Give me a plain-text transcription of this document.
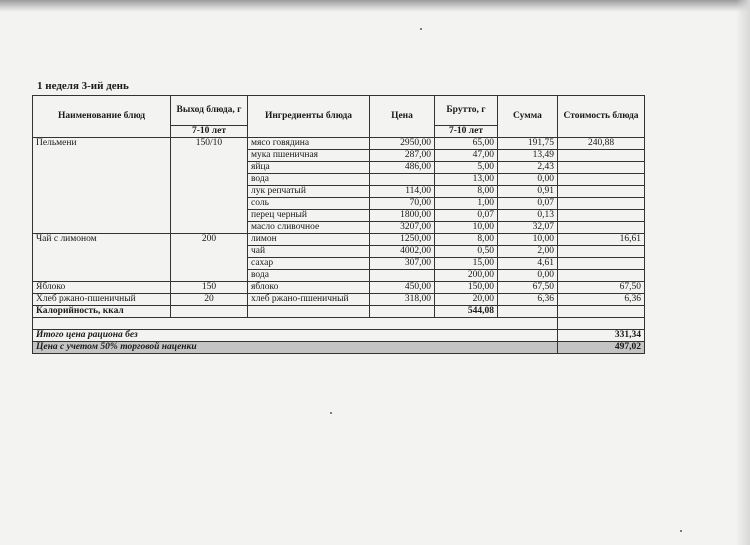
1 неделя 3-ий день
Наименование блюд	Выход блюда, г	Ингредиенты блюда	Цена	Брутто, г	Сумма	Стоимость блюда
	7-10 лет			7-10 лет		
Пельмени	150/10	мясо говядина	2950,00	65,00	191,75	240,88
		мука пшеничная	287,00	47,00	13,49	
		яйца	486,00	5,00	2,43	
		вода		13,00	0,00	
		лук репчатый	114,00	8,00	0,91	
		соль	70,00	1,00	0,07	
		перец черный	1800,00	0,07	0,13	
		масло сливочное	3207,00	10,00	32,07	
Чай с лимоном	200	лимон	1250,00	8,00	10,00	16,61
		чай	4002,00	0,50	2,00	
		сахар	307,00	15,00	4,61	
		вода		200,00	0,00	
Яблоко	150	яблоко	450,00	150,00	67,50	67,50
Хлеб ржано-пшеничный	20	хлеб ржано-пшеничный	318,00	20,00	6,36	6,36
Калорийность, ккал				544,08		

Итого цена рациона без						331,34
Цена с учетом 50% торговой наценки						497,02
